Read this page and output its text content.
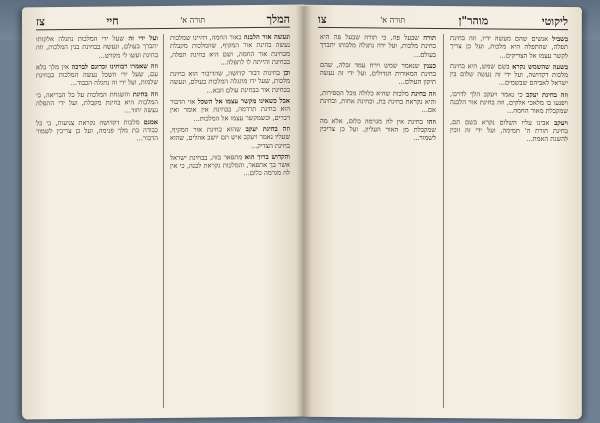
המלך
תורה א'
חיי
צז

ונעשה אור הלבנה כאור החמה, דהיינו שמלכות נעשה בחינת אור המקיף, שהמלכות מקבלת מבחינת אור החמה, ושם היא בחינת תפלה, בבחינת והייתה לו לתפלה...

וכן בחינות דבור קדושה, שהדיבור הוא בחינת מלכות, שעל ידו מתגלה המלכות בעולם, ונעשה בבחינת אור בבחינת עולם הבא...

אבל כשאינו מקשר עצמו אל השכל אזי הדבור הוא בחינת תרדמה, בבחינת אין אומר ואין דברים, וכשמקשר עצמו אל המלכות...

וזה בחינת יעקב שהוא בחינת אור המקיף, שעליו נאמר ויעקב איש תם יושב אהלים, שהוא בחינת הצדיק...

והקדוש ברוך הוא מתפאר בזה, בבחינת ישראל אשר בך אתפאר, והמלכות נקראת לבנה, כי אין לה מגרמה כלום...

ועל ידי זה שעל ידי המלכות נתגלה אלקותו יתברך בעולם, ונעשה בבחינת בנין המלכות, וזה בחינת ועשו לי מקדש...

וזה שאמרו רבותינו זכרונם לברכה אין מלך בלא עם, שעל ידי השכל נעשה המלכות בבחינת שלמות, ועל ידי זה נתגלה הכבוד...

וזה בחינת והשגחת המלכות על כל הבריאה, כי המלכות היא בחינת מקבלת, ועל ידי התפלה נעשה יחוד...

אמנם מלכות דקדושה נקראת צניעות, כי כל כבודה בת מלך פנימה, ועל כן צריכין לשמור הדבור...

ליקוטי
מוהר"ן
תורה א'
צו

בשביל אנשים שהם מעשה ידיו, וזה בחינת תפלה, שהתפלה היא מלכות, ועל כן צריך לקשר עצמו אל הצדיקים...

בשעה שהשמש נקרא בשם שמש, היא בחינת מלכות דקדושה, ועל ידי זה נעשה שלום בין ישראל לאביהם שבשמים...

וזה בחינת יעקב כי נאמר ויעקב הלך לדרכו, ויפגעו בו מלאכי אלקים, וזה בחינת אור הלבנה שמקבלת מאור החמה...

ויעקב אבינו עליו השלום נקרא בשם תם, בחינת תורת ה' תמימה, ועל ידי זה זוכין להשגת האמת...

תורה שבעל פה, כי תורה שבעל פה היא בחינת מלכות, ועל ידה נתגלה מלכותו יתברך בעולם...

כענין שנאמר שמש וירח עמד זבלה, שהם בחינת המאורות הגדולים, ועל ידי זה נעשה תיקון העולם...

וזה בחינת מלכות שהיא כלולה מכל הספירות, והיא נקראת בחינת בת, ובחינת אחות, ובחינת אם...

וזהו בחינת אין לה מגרמה כלום, אלא מה שמקבלת מן האור העליון, ועל כן צריכין לשמור...
